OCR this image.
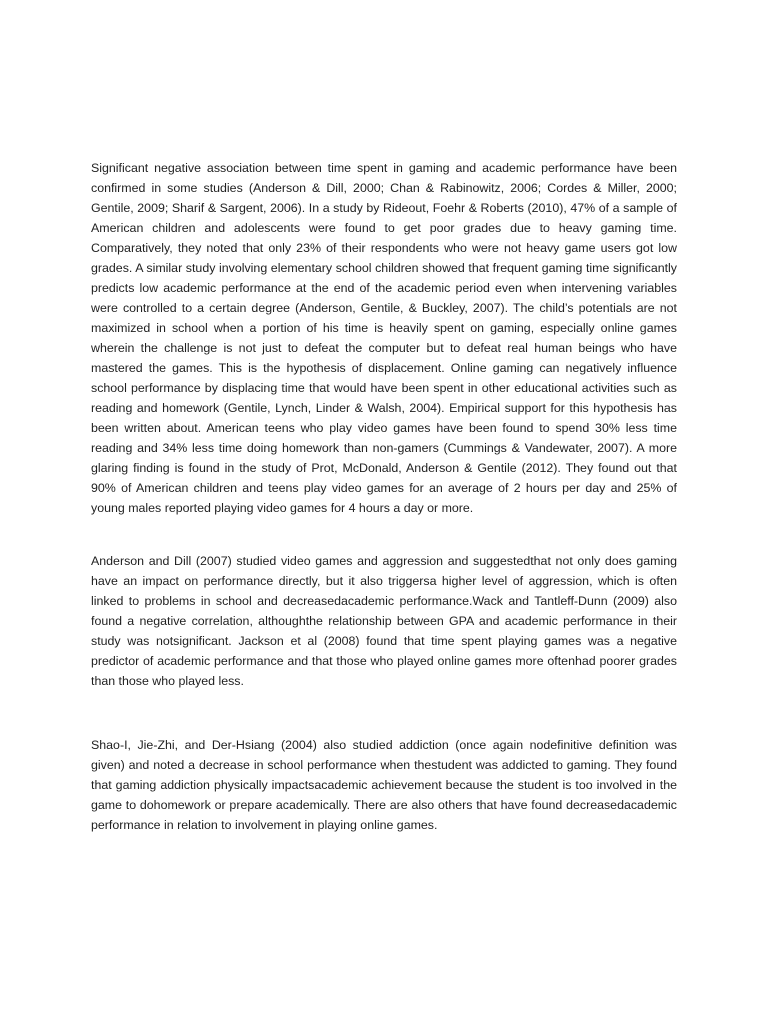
Significant negative association between time spent in gaming and academic performance have been confirmed in some studies (Anderson & Dill, 2000; Chan & Rabinowitz, 2006; Cordes & Miller, 2000; Gentile, 2009; Sharif & Sargent, 2006). In a study by Rideout, Foehr & Roberts (2010), 47% of a sample of American children and adolescents were found to get poor grades due to heavy gaming time. Comparatively, they noted that only 23% of their respondents who were not heavy game users got low grades. A similar study involving elementary school children showed that frequent gaming time significantly predicts low academic performance at the end of the academic period even when intervening variables were controlled to a certain degree (Anderson, Gentile, & Buckley, 2007). The child’s potentials are not maximized in school when a portion of his time is heavily spent on gaming, especially online games wherein the challenge is not just to defeat the computer but to defeat real human beings who have mastered the games. This is the hypothesis of displacement. Online gaming can negatively influence school performance by displacing time that would have been spent in other educational activities such as reading and homework (Gentile, Lynch, Linder & Walsh, 2004). Empirical support for this hypothesis has been written about. American teens who play video games have been found to spend 30% less time reading and 34% less time doing homework than non-gamers (Cummings & Vandewater, 2007). A more glaring finding is found in the study of Prot, McDonald, Anderson & Gentile (2012). They found out that 90% of American children and teens play video games for an average of 2 hours per day and 25% of young males reported playing video games for 4 hours a day or more.

Anderson and Dill (2007) studied video games and aggression and suggestedthat not only does gaming have an impact on performance directly, but it also triggersa higher level of aggression, which is often linked to problems in school and decreasedacademic performance.Wack and Tantleff-Dunn (2009) also found a negative correlation, althoughthe relationship between GPA and academic performance in their study was notsignificant. Jackson et al (2008) found that time spent playing games was a negative predictor of academic performance and that those who played online games more oftenhad poorer grades than those who played less.

Shao-I, Jie-Zhi, and Der-Hsiang (2004) also studied addiction (once again nodefinitive definition was given) and noted a decrease in school performance when thestudent was addicted to gaming. They found that gaming addiction physically impactsacademic achievement because the student is too involved in the game to dohomework or prepare academically. There are also others that have found decreasedacademic performance in relation to involvement in playing online games.
